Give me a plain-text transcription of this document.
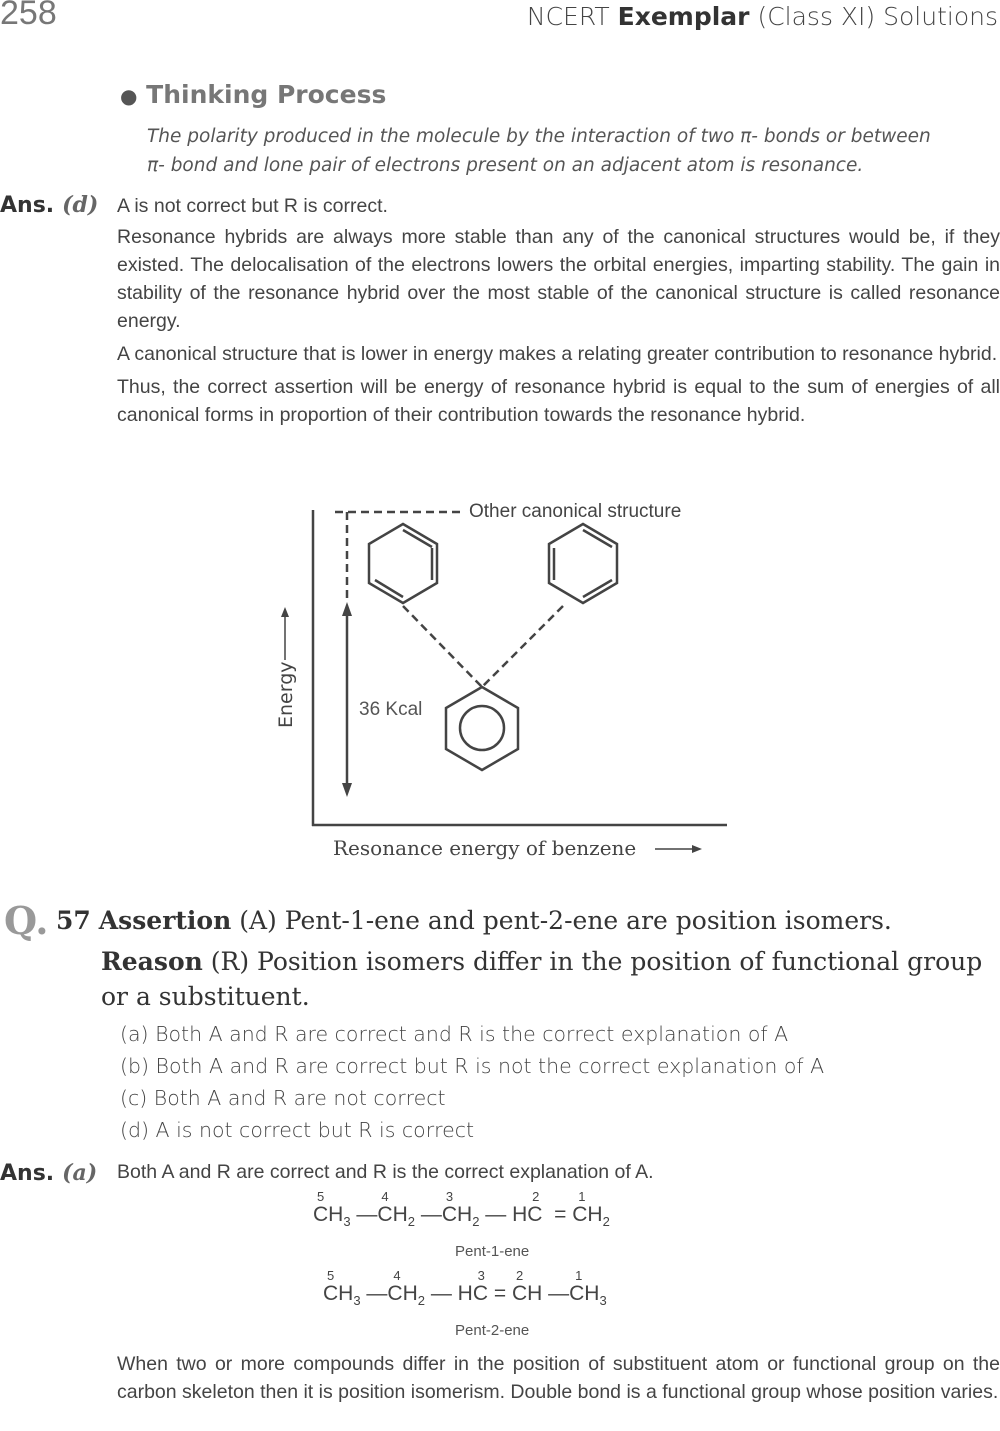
258	NCERT Exemplar (Class XI) Solutions
● Thinking Process
The polarity produced in the molecule by the interaction of two π- bonds or between π- bond and lone pair of electrons present on an adjacent atom is resonance.
Ans. (d) A is not correct but R is correct.

Resonance hybrids are always more stable than any of the canonical structures would be, if they existed. The delocalisation of the electrons lowers the orbital energies, imparting stability. The gain in stability of the resonance hybrid over the most stable of the canonical structure is called resonance energy.

A canonical structure that is lower in energy makes a relating greater contribution to resonance hybrid.

Thus, the correct assertion will be energy of resonance hybrid is equal to the sum of energies of all canonical forms in proportion of their contribution towards the resonance hybrid.

Other canonical structure
36 Kcal
Energy
Resonance energy of benzene
Q. 57 Assertion (A) Pent-1-ene and pent-2-ene are position isomers.
Reason (R) Position isomers differ in the position of functional group
or a substituent.
(a) Both A and R are correct and R is the correct explanation of A
(b) Both A and R are correct but R is not the correct explanation of A
(c) Both A and R are not correct
(d) A is not correct but R is correct
Ans. (a) Both A and R are correct and R is the correct explanation of A.
5
$CH_3$ —
4
$CH_2$ —
3
$CH_2$ —
2
HC  =
1
$CH_2$
Pent-1-ene
5
$CH_3$ —
4
$CH_2$ —
3
HC =
2
CH —
1
$CH_3$
Pent-2-ene
When two or more compounds differ in the position of substituent atom or functional group on the carbon skeleton then it is position isomerism. Double bond is a functional group whose position varies.
